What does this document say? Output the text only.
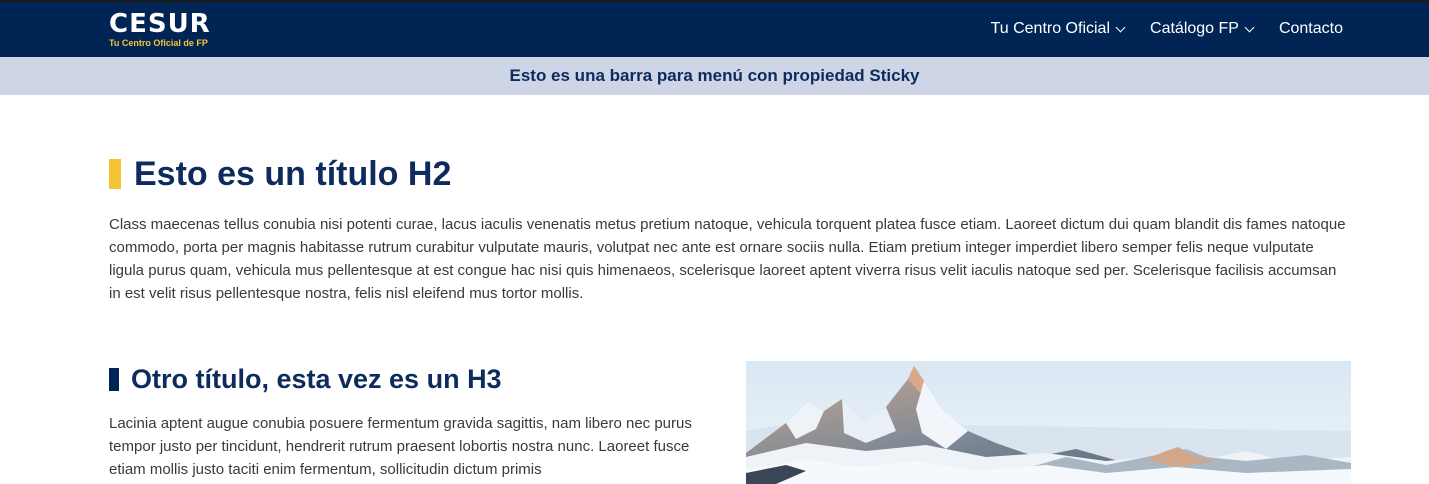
CESUR
Tu Centro Oficial de FP
Tu Centro Oficial	Catálogo FP	Contacto
Esto es una barra para menú con propiedad Sticky
Esto es un título H2

Class maecenas tellus conubia nisi potenti curae, lacus iaculis venenatis metus pretium natoque, vehicula torquent platea fusce etiam. Laoreet dictum dui quam blandit dis fames natoque commodo, porta per magnis habitasse rutrum curabitur vulputate mauris, volutpat nec ante est ornare sociis nulla. Etiam pretium integer imperdiet libero semper felis neque vulputate ligula purus quam, vehicula mus pellentesque at est congue hac nisi quis himenaeos, scelerisque laoreet aptent viverra risus velit iaculis natoque sed per. Scelerisque facilisis accumsan in est velit risus pellentesque nostra, felis nisl eleifend mus tortor mollis.

Otro título, esta vez es un H3

Lacinia aptent augue conubia posuere fermentum gravida sagittis, nam libero nec purus tempor justo per tincidunt, hendrerit rutrum praesent lobortis nostra nunc. Laoreet fusce etiam mollis justo taciti enim fermentum, sollicitudin dictum primis
